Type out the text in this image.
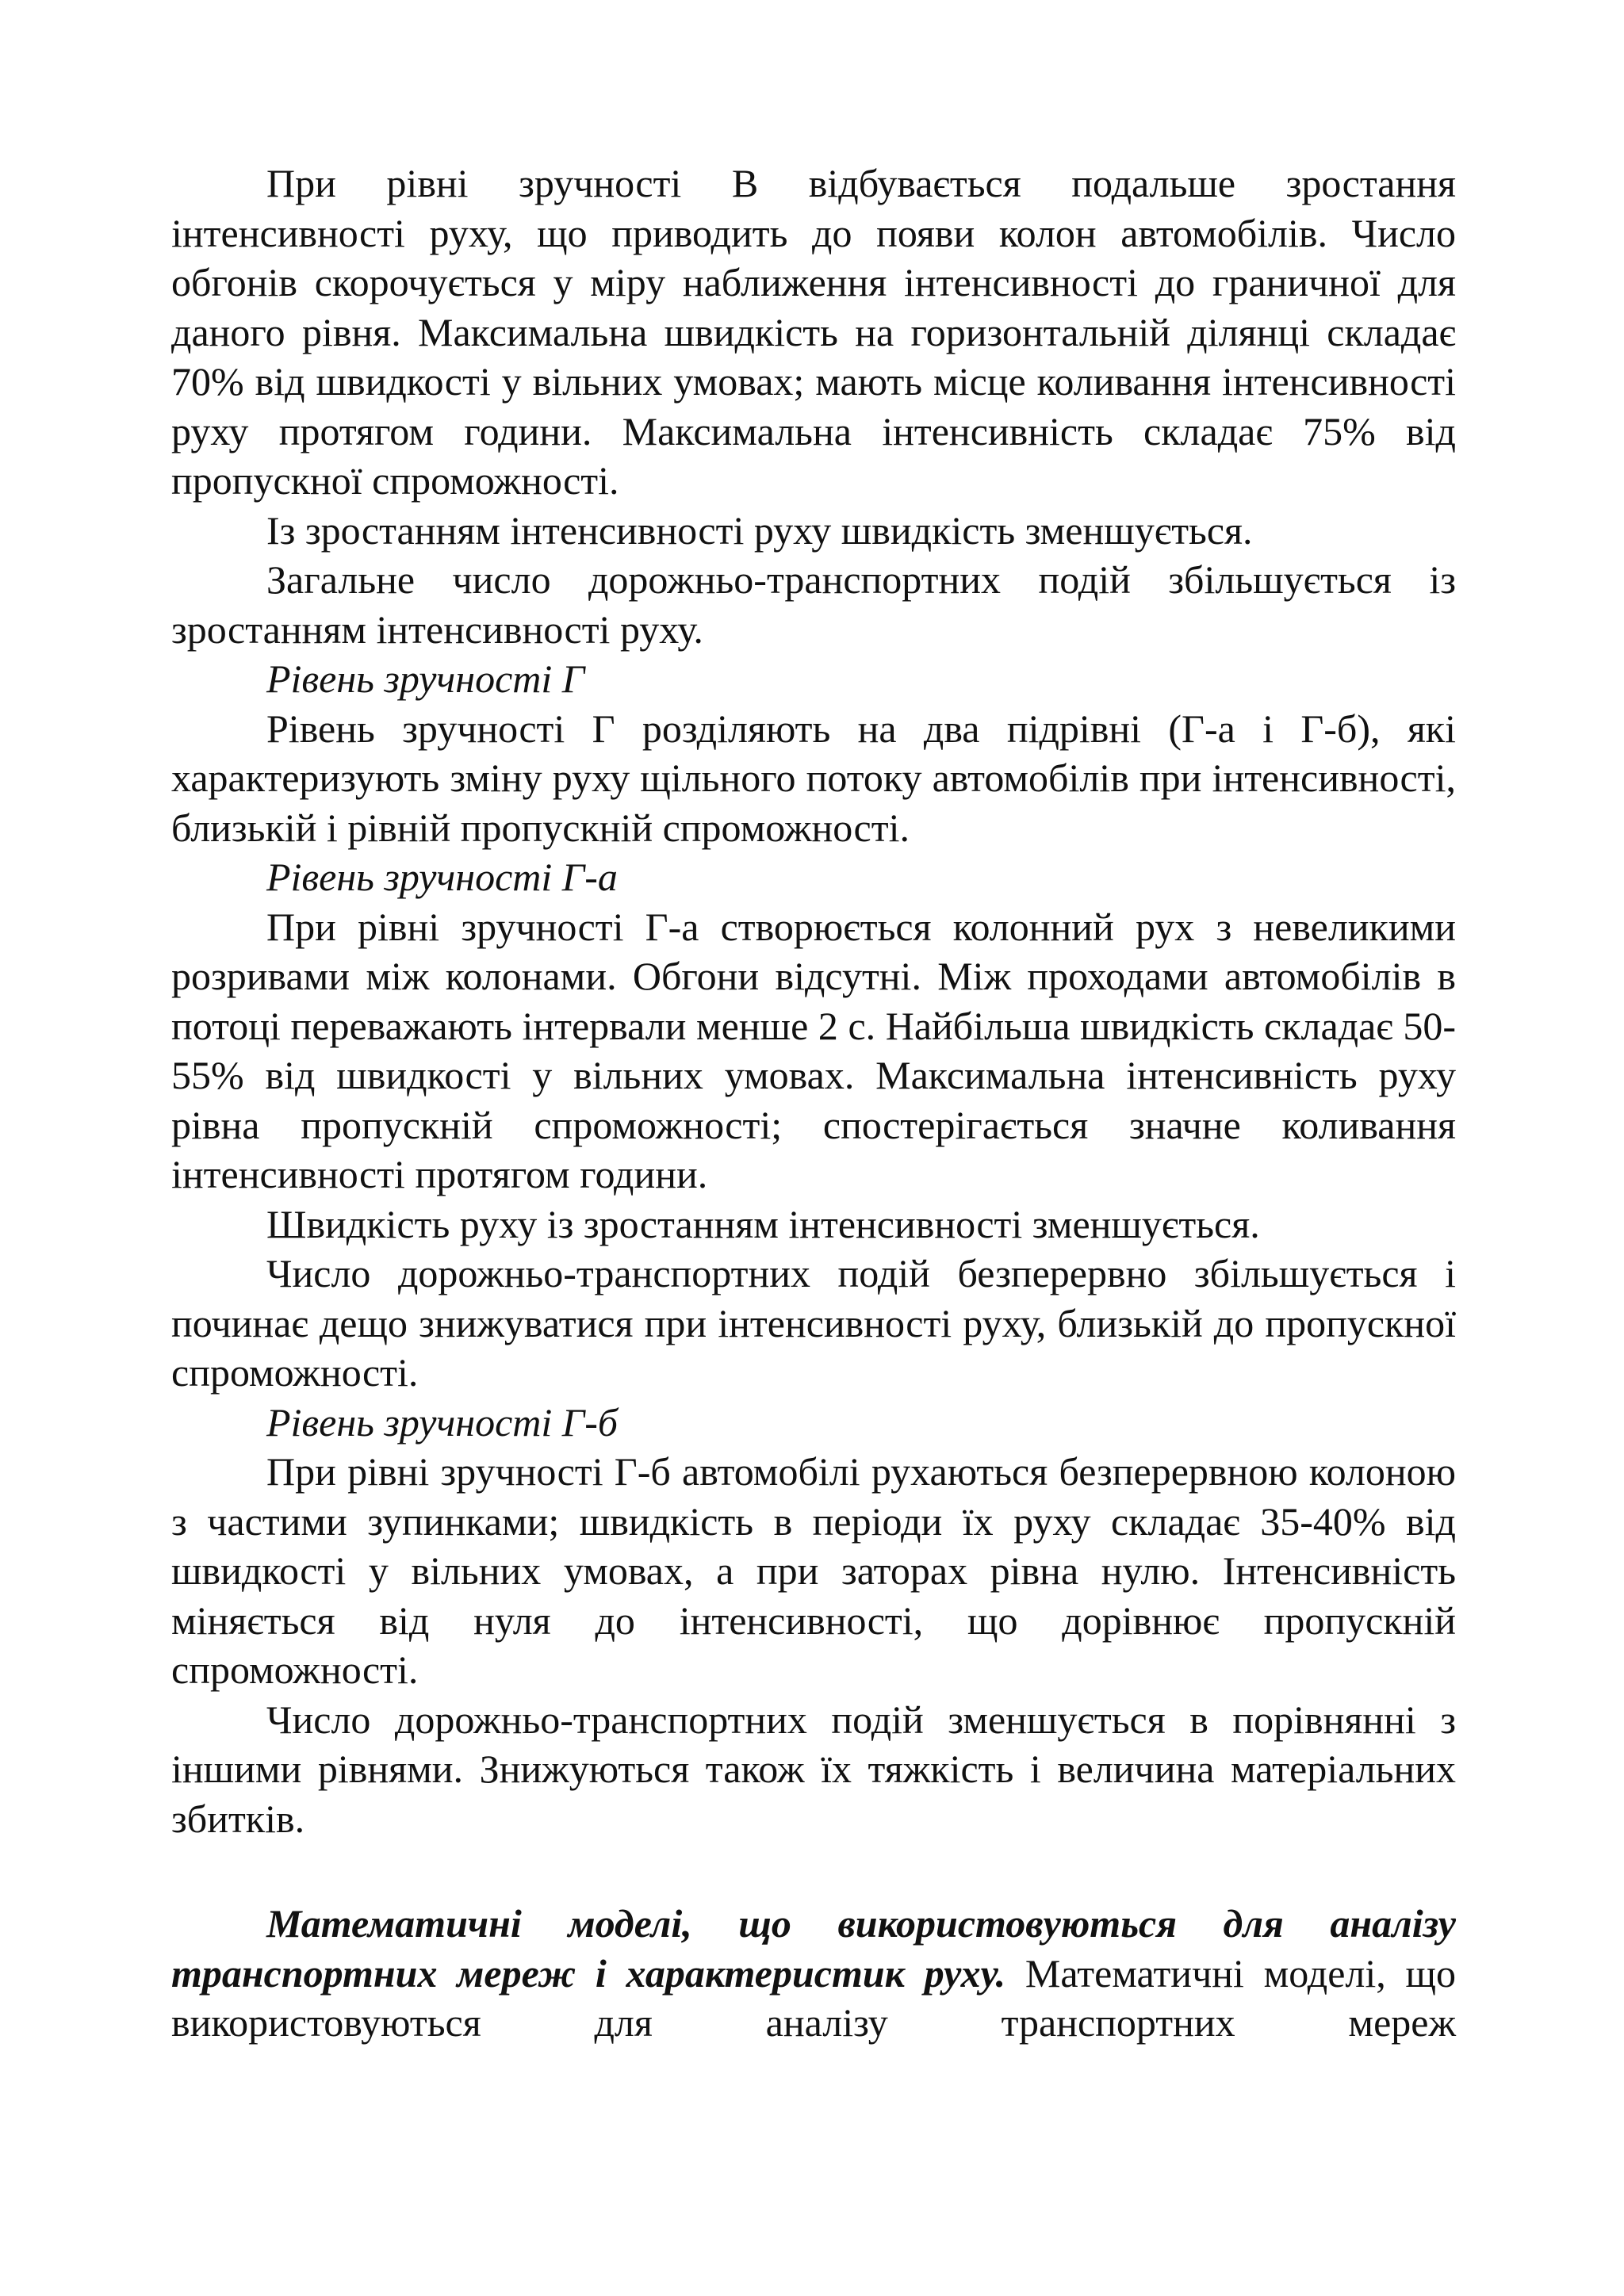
При рівні зручності В відбувається подальше зростання інтенсивності руху, що приводить до появи колон автомобілів. Число обгонів скорочується у міру наближення інтенсивності до граничної для даного рівня. Максимальна швидкість на горизонтальній ділянці складає 70% від швидкості у вільних умовах; мають місце коливання інтенсивності руху протягом години. Максимальна інтенсивність складає 75% від пропускної спроможності.

Із зростанням інтенсивності руху швидкість зменшується.

Загальне число дорожньо-транспортних подій збільшується із зростанням інтенсивності руху.

Рівень зручності Г

Рівень зручності Г розділяють на два підрівні (Г-а і Г-б), які характеризують зміну руху щільного потоку автомобілів при інтенсивності, близькій і рівній пропускній спроможності.

Рівень зручності Г-а

При рівні зручності Г-а створюється колонний рух з невеликими розривами між колонами. Обгони відсутні. Між проходами автомобілів в потоці переважають інтервали менше 2 с. Найбільша швидкість складає 50-55% від швидкості у вільних умовах. Максимальна інтенсивність руху рівна пропускній спроможності; спостерігається значне коливання інтенсивності протягом години.

Швидкість руху із зростанням інтенсивності зменшується.

Число дорожньо-транспортних подій безперервно збільшується і починає дещо знижуватися при інтенсивності руху, близькій до пропускної спроможності.

Рівень зручності Г-б

При рівні зручності Г-б автомобілі рухаються безперервною колоною з частими зупинками; швидкість в періоди їх руху складає 35-40% від швидкості у вільних умовах, а при заторах рівна нулю. Інтенсивність міняється від нуля до інтенсивності, що дорівнює пропускній спроможності.

Число дорожньо-транспортних подій зменшується в порівнянні з іншими рівнями. Знижуються також їх тяжкість і величина матеріальних збитків.

Математичні моделі, що використовуються для аналізу транспортних мереж і характеристик руху. Математичні моделі, що використовуються для аналізу транспортних мереж
